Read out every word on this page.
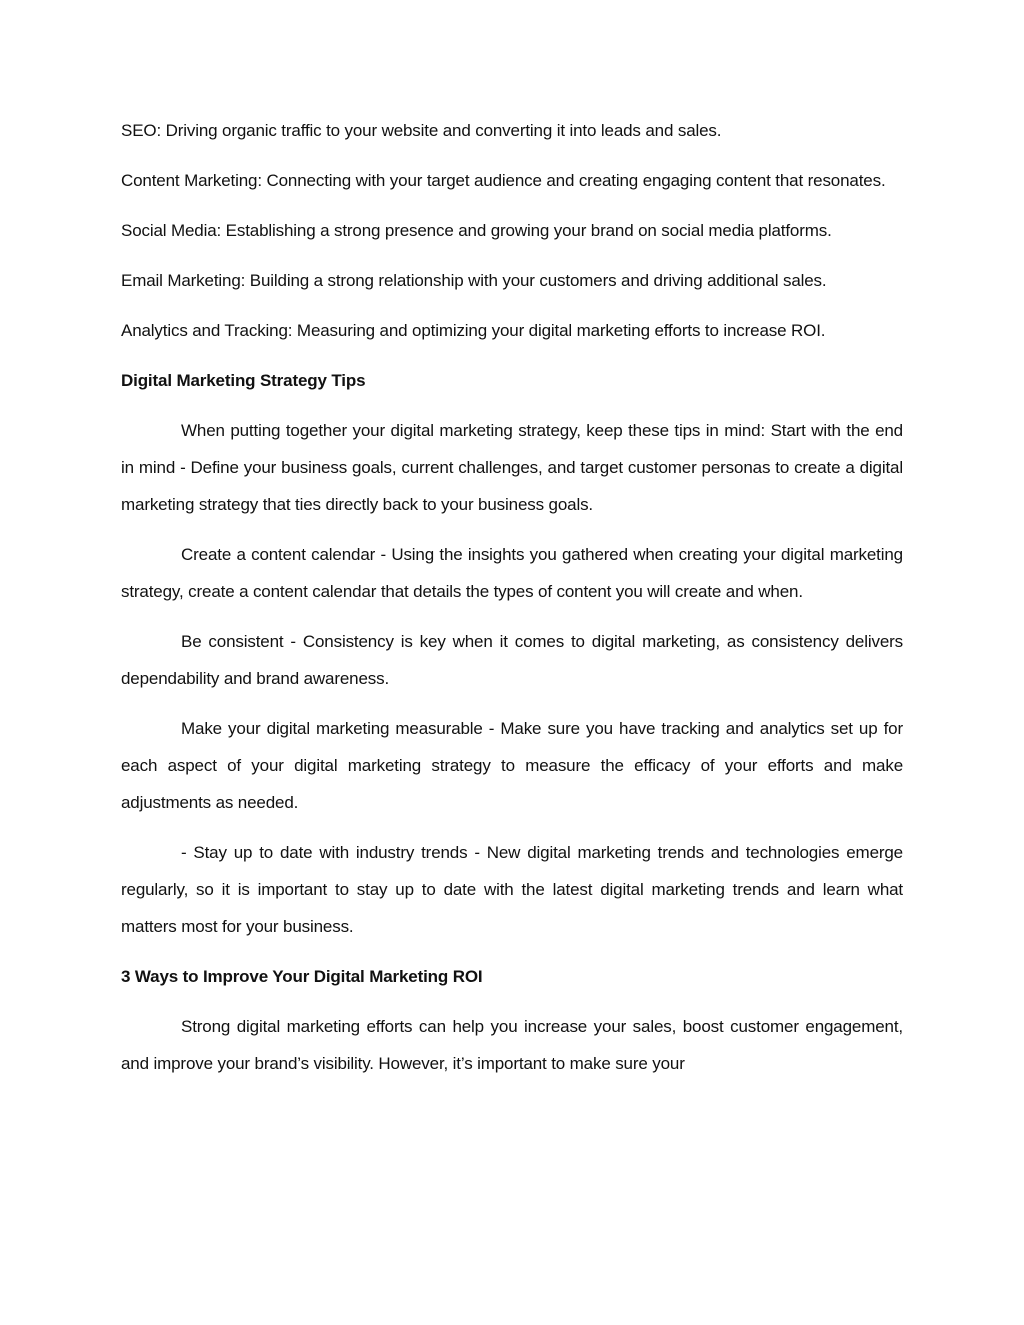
SEO: Driving organic traffic to your website and converting it into leads and sales.

Content Marketing: Connecting with your target audience and creating engaging content that resonates.

Social Media: Establishing a strong presence and growing your brand on social media platforms.

Email Marketing: Building a strong relationship with your customers and driving additional sales.

Analytics and Tracking: Measuring and optimizing your digital marketing efforts to increase ROI.

Digital Marketing Strategy Tips

When putting together your digital marketing strategy, keep these tips in mind: Start with the end in mind - Define your business goals, current challenges, and target customer personas to create a digital marketing strategy that ties directly back to your business goals.

Create a content calendar - Using the insights you gathered when creating your digital marketing strategy, create a content calendar that details the types of content you will create and when.

Be consistent - Consistency is key when it comes to digital marketing, as consistency delivers dependability and brand awareness.

Make your digital marketing measurable - Make sure you have tracking and analytics set up for each aspect of your digital marketing strategy to measure the efficacy of your efforts and make adjustments as needed.

- Stay up to date with industry trends - New digital marketing trends and technologies emerge regularly, so it is important to stay up to date with the latest digital marketing trends and learn what matters most for your business.

3 Ways to Improve Your Digital Marketing ROI

Strong digital marketing efforts can help you increase your sales, boost customer engagement, and improve your brand’s visibility. However, it’s important to make sure your
